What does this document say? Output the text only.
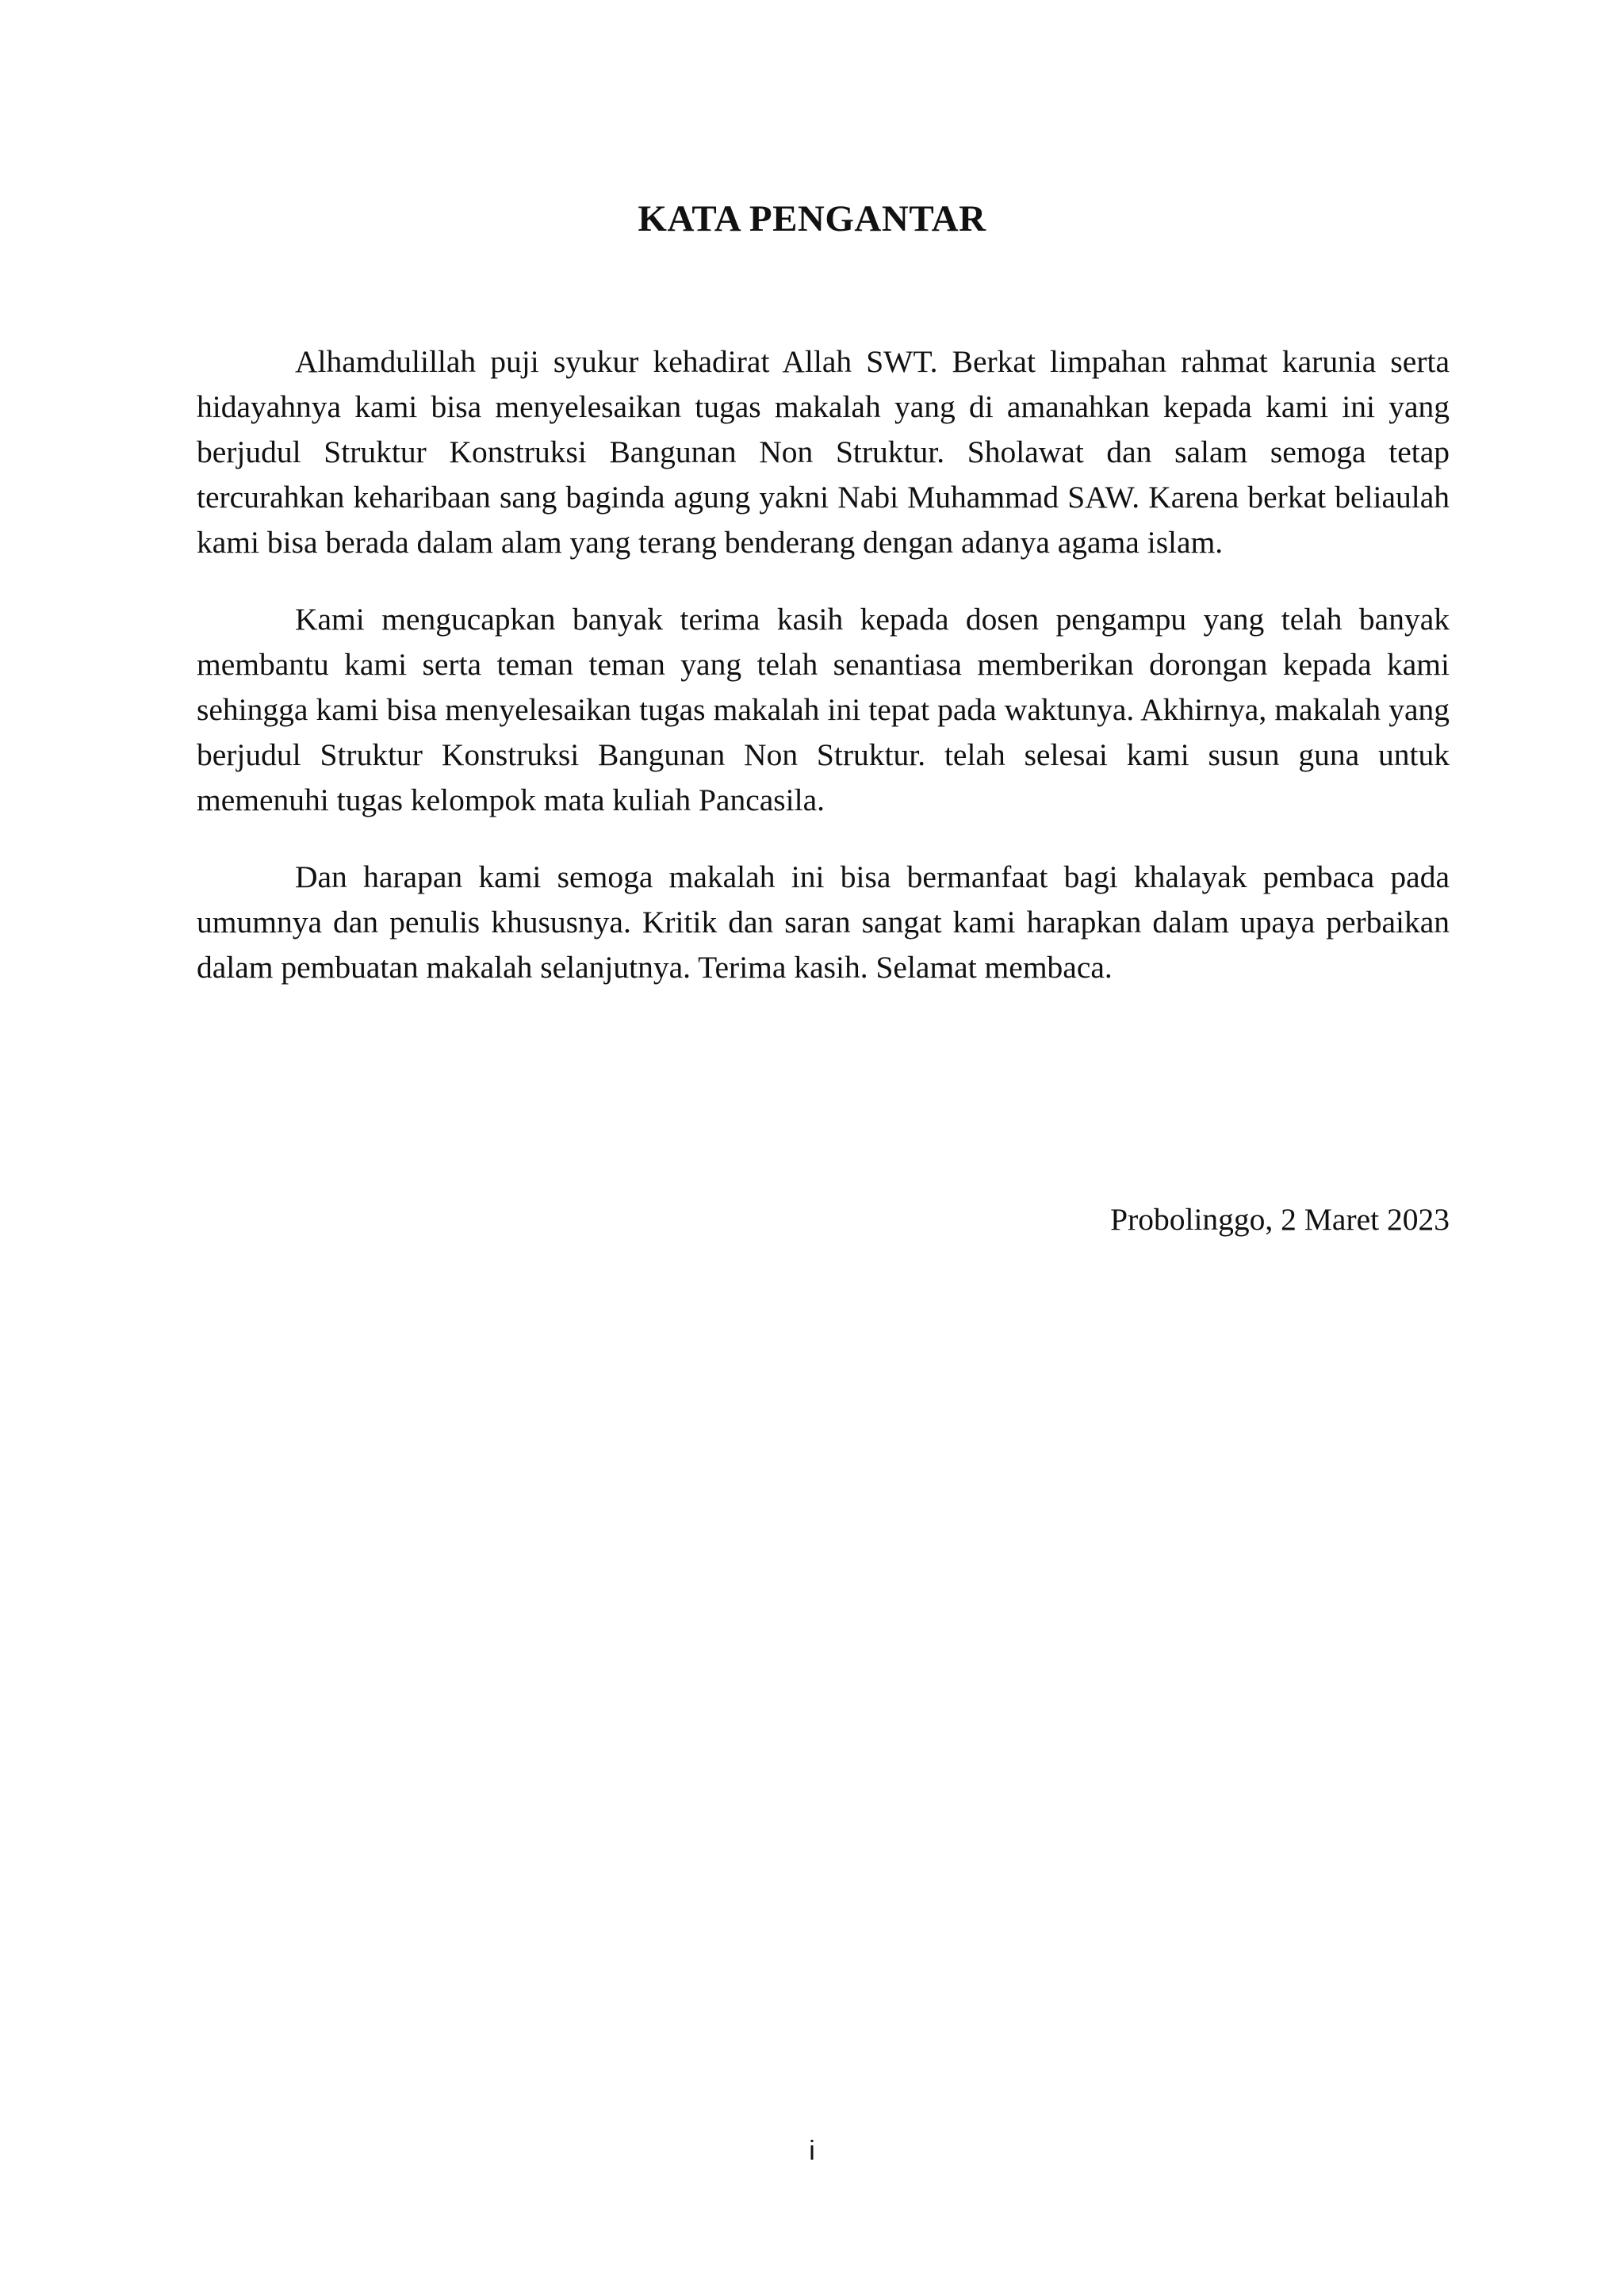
KATA PENGANTAR

Alhamdulillah puji syukur kehadirat Allah SWT. Berkat limpahan rahmat karunia serta hidayahnya kami bisa menyelesaikan tugas makalah yang di amanahkan kepada kami ini yang berjudul Struktur Konstruksi Bangunan Non Struktur. Sholawat dan salam semoga tetap tercurahkan keharibaan sang baginda agung yakni Nabi Muhammad SAW. Karena berkat beliaulah kami bisa berada dalam alam yang terang benderang dengan adanya agama islam.

Kami mengucapkan banyak terima kasih kepada dosen pengampu yang telah banyak membantu kami serta teman teman yang telah senantiasa memberikan dorongan kepada kami sehingga kami bisa menyelesaikan tugas makalah ini tepat pada waktunya. Akhirnya, makalah yang berjudul Struktur Konstruksi Bangunan Non Struktur. telah selesai kami susun guna untuk memenuhi tugas kelompok mata kuliah Pancasila.

Dan harapan kami semoga makalah ini bisa bermanfaat bagi khalayak pembaca pada umumnya dan penulis khususnya. Kritik dan saran sangat kami harapkan dalam upaya perbaikan dalam pembuatan makalah selanjutnya. Terima kasih. Selamat membaca.

Probolinggo, 2 Maret 2023

i
